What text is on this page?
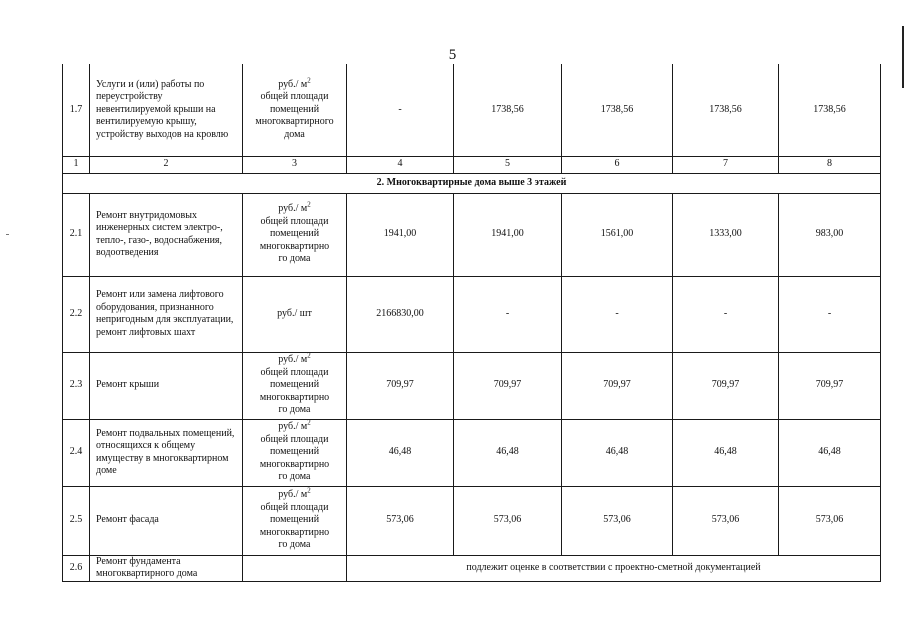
5
1.7	Услуги и (или) работы по переустройству невентилируемой крыши на вентилируемую крышу, устройству выходов на кровлю	руб./ $м^2$
общей площади помещений многоквартирного дома	-	1738,56	1738,56	1738,56	1738,56
1	2	3	4	5	6	7	8
2. Многоквартирные дома выше 3 этажей							
2.1	Ремонт внутридомовых инженерных систем электро-, тепло-, газо-, водоснабжения, водоотведения	руб./ $м^2$
общей площади
помещений
многоквартирно
го дома	1941,00	1941,00	1561,00	1333,00	983,00
2.2	Ремонт или замена лифтового оборудования, признанного непригодным для эксплуатации, ремонт лифтовых шахт	руб./ шт	2166830,00	-	-	-	-
2.3	Ремонт крыши	руб./ $м^2$
общей площади
помещений
многоквартирно
го дома	709,97	709,97	709,97	709,97	709,97
2.4	Ремонт подвальных помещений, относящихся к общему имуществу в многоквартирном доме	руб./ $м^2$
общей площади
помещений
многоквартирно
го дома	46,48	46,48	46,48	46,48	46,48
2.5	Ремонт фасада	руб./ $м^2$
общей площади
помещений
многоквартирно
го дома	573,06	573,06	573,06	573,06	573,06
2.6	Ремонт фундамента многоквартирного дома		подлежит оценке в соответствии с проектно-сметной документацией				
